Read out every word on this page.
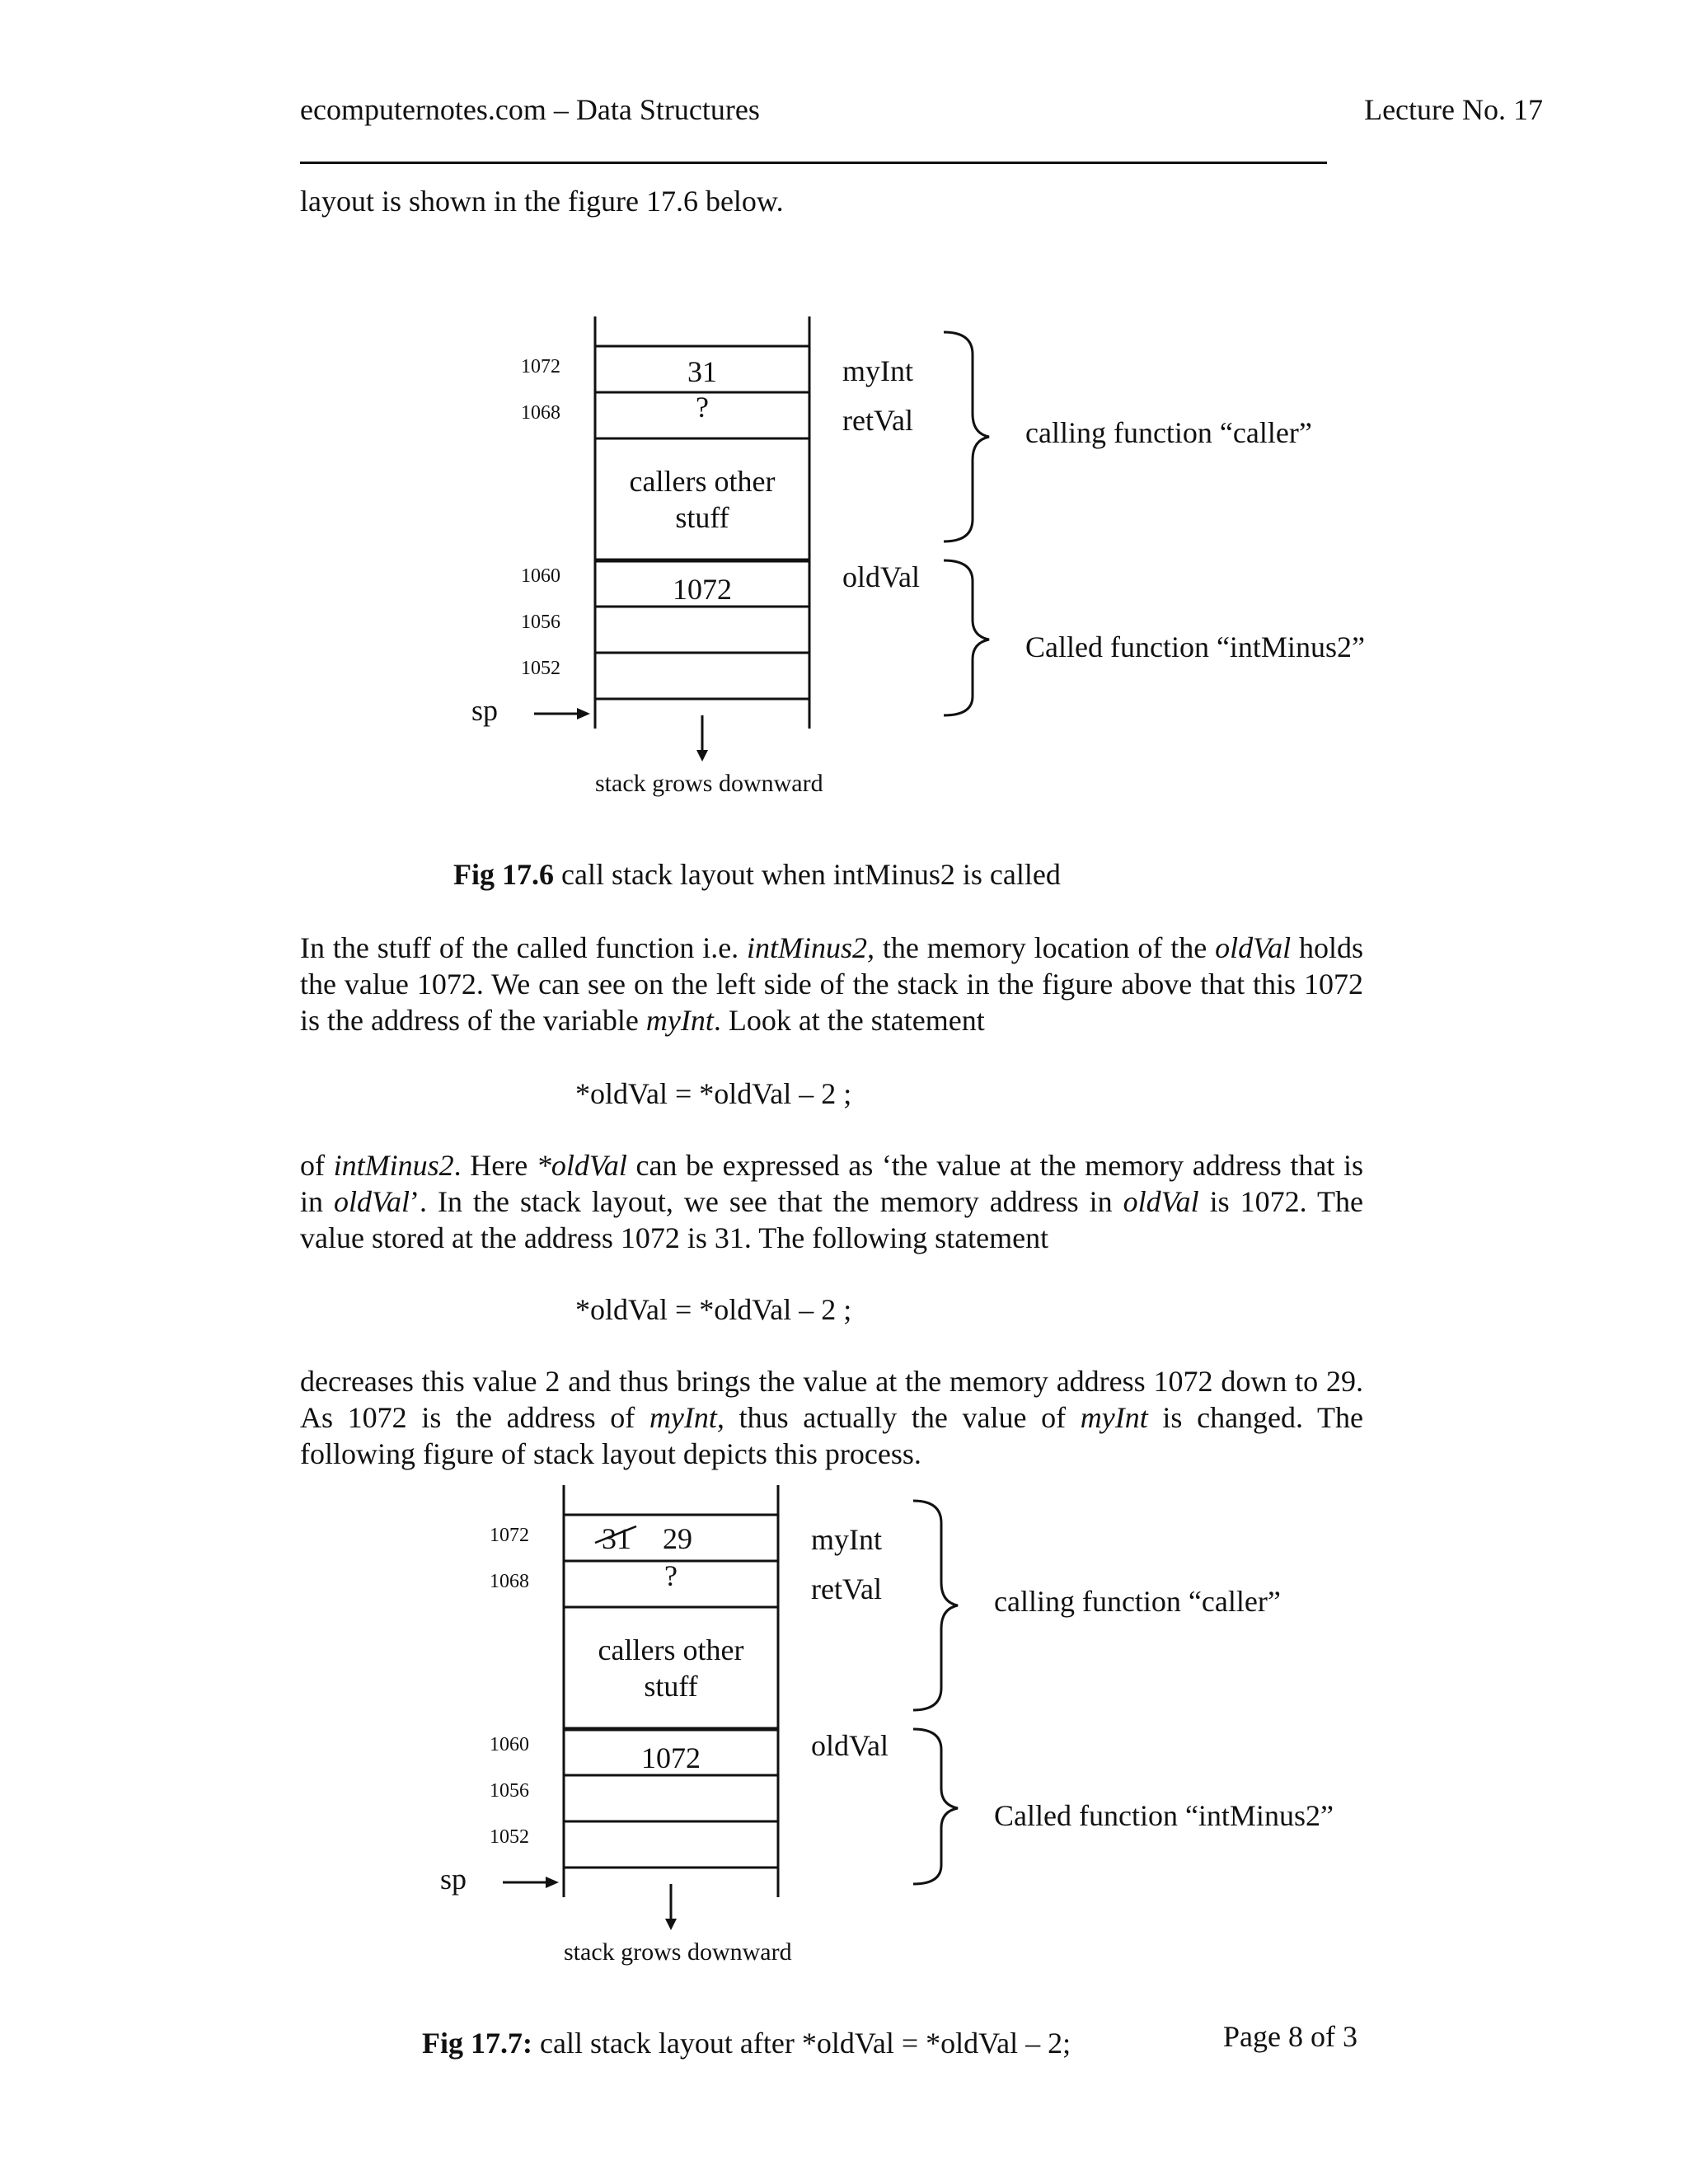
ecomputernotes.com – Data Structures	Lecture No. 17
layout is shown in the figure 17.6 below.
1072
1068
1060
1056
1052
31
?
callers other
stuff
1072
myInt
retVal
oldVal
calling function “caller”
Called function “intMinus2”
sp
stack grows downward
Fig 17.6 call stack layout when intMinus2 is called
In the stuff of the called function i.e. intMinus2, the memory location of the oldVal holds the value 1072. We can see on the left side of the stack in the figure above that this 1072 is the address of the variable myInt. Look at the statement
*oldVal = *oldVal – 2 ;
of intMinus2. Here *oldVal can be expressed as ‘the value at the memory address that is in oldVal’. In the stack layout, we see that the memory address in oldVal is 1072. The value stored at the address 1072 is 31. The following statement
*oldVal = *oldVal – 2 ;
decreases this value 2 and thus brings the value at the memory address 1072 down to 29. As 1072 is the address of myInt, thus actually the value of myInt is changed. The following figure of stack layout depicts this process.
1072
1068
1060
1056
1052
31 29
?
callers other
stuff
1072
myInt
retVal
oldVal
calling function “caller”
Called function “intMinus2”
sp
stack grows downward
Fig 17.7: call stack layout after *oldVal = *oldVal – 2;	Page 8 of 3
